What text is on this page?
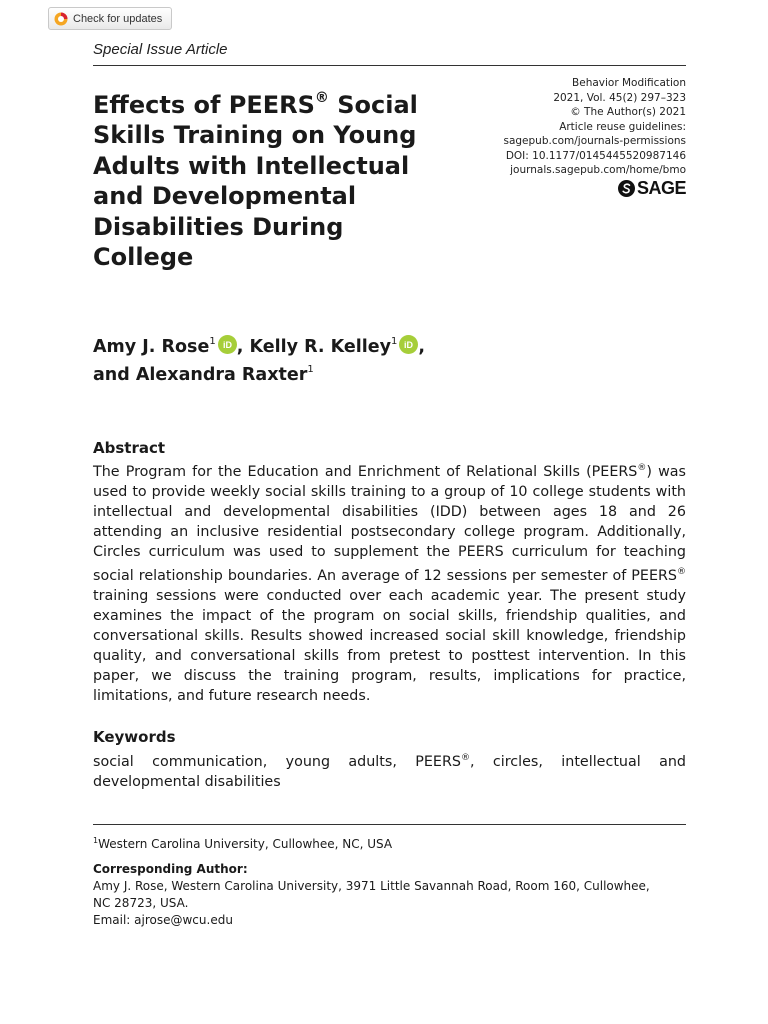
Check for updates
Special Issue Article
Effects of PEERS® Social
Skills Training on Young
Adults with Intellectual
and Developmental
Disabilities During
College
Behavior Modification
2021, Vol. 45(2) 297–323
© The Author(s) 2021
Article reuse guidelines:
sagepub.com/journals-permissions
DOI: 10.1177/0145445520987146
journals.sagepub.com/home/bmo
SAGE
Amy J. Rose$^1$ iD , Kelly R. Kelley$^1$ iD ,
and Alexandra Raxter$^1$
Abstract

The Program for the Education and Enrichment of Relational Skills (PEERS®) was used to provide weekly social skills training to a group of 10 college students with intellectual and developmental disabilities (IDD) between ages 18 and 26 attending an inclusive residential postsecondary college program. Additionally, Circles curriculum was used to supplement the PEERS curriculum for teaching social relationship boundaries. An average of 12 sessions per semester of PEERS® training sessions were conducted over each academic year. The present study examines the impact of the program on social skills, friendship qualities, and conversational skills. Results showed increased social skill knowledge, friendship quality, and conversational skills from pretest to posttest intervention. In this paper, we discuss the training program, results, implications for practice, limitations, and future research needs.

Keywords

social communication, young adults, PEERS®, circles, intellectual and developmental disabilities

$^1$Western Carolina University, Cullowhee, NC, USA
Corresponding Author:
Amy J. Rose, Western Carolina University, 3971 Little Savannah Road, Room 160, Cullowhee,
NC 28723, USA.
Email: ajrose@wcu.edu
